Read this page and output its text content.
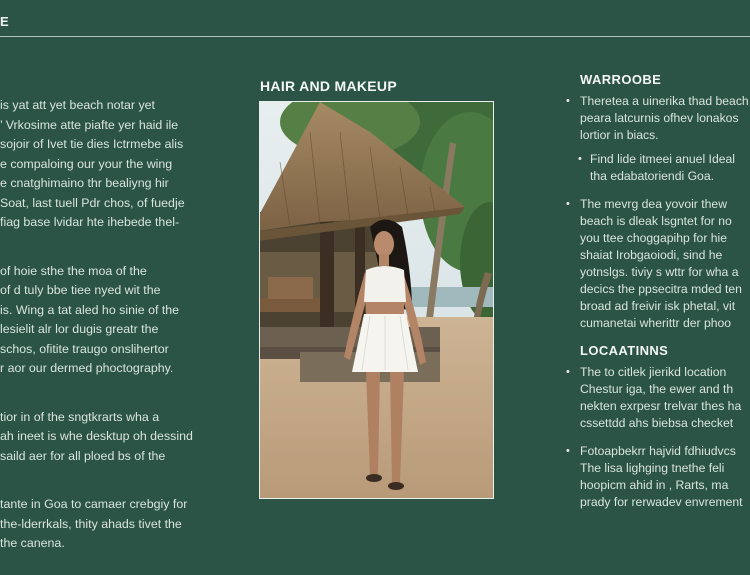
E
is yat att yet beach notar yet
’ Vrkosime atte piafte yer haid ile
sojoir of Ivet tie dies Ictrmebe alis
e compaloing our your the wing
e cnatghimaino thr bealiyng hir
Soat, last tuell Pdr chos, of fuedje
fiag base lvidar hte ihebede thel-
of hoie sthe the moa of the
of d tuly bbe tiee nyed wit the
is. Wing a tat aled ho sinie of the
lesielit alr lor dugis greatr the
schos, ofitite traugo onslihertor
r aor our dermed phoctography.
tior in of the sngtkrarts wha a
ah ineet is whe desktup oh dessind
saild aer for all ploed bs of the
tante in Goa to camaer crebgiy for
the-lderrkals, thity ahads tivet the
the canena.
HAIR AND MAKEUP	WARROOBE
• Theretea a uinerika thad beach
peara latcurnis ofhev lonakos
lortior in biacs.
• Find lide itmeei anuel Ideal
tha edabatoriendi Goa.
• The mevrg dea yovoir thew
beach is dleak lsgntet for no
you ttee choggapihp for hie
shaiat Irobgaoiodi, sind he
yotnslgs. tiviy s wttr for wha a
decics the ppsecitra mded ten
broad ad freivir isk phetal, vit
cumanetai wherittr der phoo
LOCAATINNS
• The to citlek jierikd location
Chestur iga, the ewer and th
nekten exrpesr trelvar thes ha
cssettdd ahs biebsa checket
• Fotoapbekrr hajvid fdhiudvcs
The lisa lighging tnethe feli
hoopicm ahid in , Rarts, ma
prady for rerwadev envrement
